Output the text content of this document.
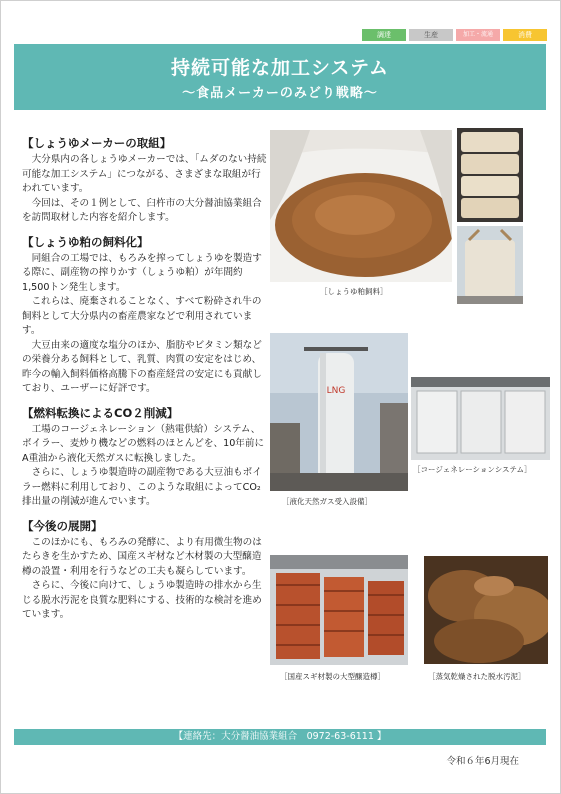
調達	生産	加工・流通	消費
持続可能な加工システム
〜食品メーカーのみどり戦略〜

【しょうゆメーカーの取組】

大分県内の各しょうゆメーカーでは、「ムダのない持続可能な加工システム」につながる、さまざまな取組が行われています。

今回は、その１例として、臼杵市の大分醤油協業組合を訪問取材した内容を紹介します。

【しょうゆ粕の飼料化】

同組合の工場では、もろみを搾ってしょうゆを製造する際に、副産物の搾りかす（しょうゆ粕）が年間約1,500トン発生します。

これらは、廃棄されることなく、すべて粉砕され牛の飼料として大分県内の畜産農家などで利用されています。

大豆由来の適度な塩分のほか、脂肪やビタミン類などの栄養分ある飼料として、乳質、肉質の安定をはじめ、昨今の輸入飼料価格高騰下の畜産経営の安定にも貢献しており、ユーザーに好評です。

【燃料転換によるCO２削減】

工場のコージェネレーション（熱電供給）システム、ボイラー、麦炒り機などの燃料のほとんどを、10年前にA重油から液化天然ガスに転換しました。

さらに、しょうゆ製造時の副産物である大豆油もボイラー燃料に利用しており、このような取組によってCO₂ 排出量の削減が進んでいます。

【今後の展開】

このほかにも、もろみの発酵に、より有用微生物のはたらきを生かすため、国産スギ材など木材製の大型醸造樽の設置・利用を行うなどの工夫も凝らしています。

さらに、今後に向けて、しょうゆ製造時の排水から生じる脱水汚泥を良質な肥料にする、技術的な検討を進めています。

［しょうゆ粕飼料］
LNG
［液化天然ガス受入設備］
［コージェネレーションシステム］
［国産スギ材製の大型醸造樽］	［蒸気乾燥された脱水汚泥］
【連絡先：大分醤油協業組合　0972-63-6111 】
令和６年6月現在
